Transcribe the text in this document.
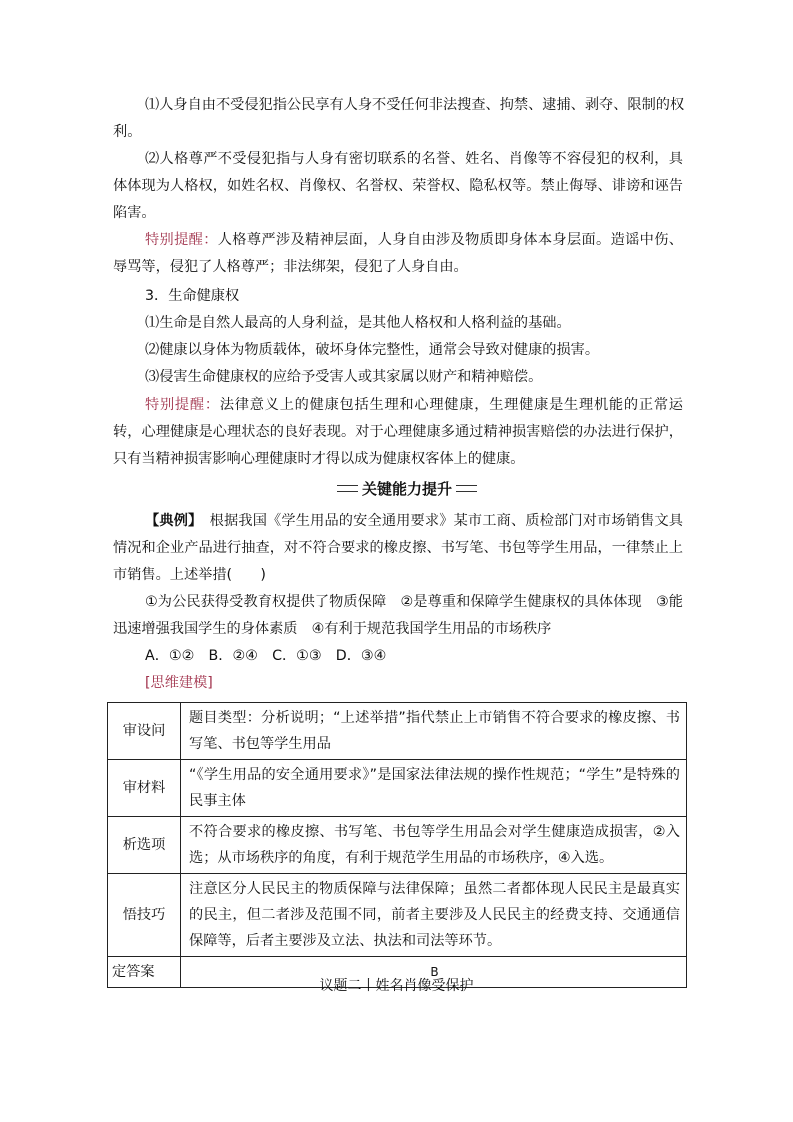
⑴人身自由不受侵犯指公民享有人身不受任何非法搜查、拘禁、逮捕、剥夺、限制的权
利。

⑵人格尊严不受侵犯指与人身有密切联系的名誉、姓名、肖像等不容侵犯的权利，具体体现为人格权，如姓名权、肖像权、名誉权、荣誉权、隐私权等。禁止侮辱、诽谤和诬告陷害。

特别提醒：人格尊严涉及精神层面，人身自由涉及物质即身体本身层面。造谣中伤、辱骂等，侵犯了人格尊严；非法绑架，侵犯了人身自由。

3．生命健康权
⑴生命是自然人最高的人身利益，是其他人格权和人格利益的基础。
⑵健康以身体为物质载体，破坏身体完整性，通常会导致对健康的损害。
⑶侵害生命健康权的应给予受害人或其家属以财产和精神赔偿。

特别提醒：法律意义上的健康包括生理和心理健康，生理健康是生理机能的正常运转，心理健康是心理状态的良好表现。对于心理健康多通过精神损害赔偿的办法进行保护，只有当精神损害影响心理健康时才得以成为健康权客体上的健康。

关键能力提升

【典例】　 根据我国《学生用品的安全通用要求》某市工商、质检部门对市场销售文具情况和企业产品进行抽查，对不符合要求的橡皮擦、书写笔、书包等学生用品，一律禁止上市销售。上述举措(　　)

①为公民获得受教育权提供了物质保障　②是尊重和保障学生健康权的具体体现　③能迅速增强我国学生的身体素质　④有利于规范我国学生用品的市场秩序

A．①②　B．②④　C．①③　D．③④
[思维建模]
审设问	题目类型：分析说明；“上述举措”指代禁止上市销售不符合要求的橡皮擦、书写笔、书包等学生用品
审材料	“《学生用品的安全通用要求》”是国家法律法规的操作性规范；“学生”是特殊的民事主体
析选项	不符合要求的橡皮擦、书写笔、书包等学生用品会对学生健康造成损害，②入选；从市场秩序的角度，有利于规范学生用品的市场秩序，④入选。
悟技巧	注意区分人民民主的物质保障与法律保障；虽然二者都体现人民民主是最真实的民主，但二者涉及范围不同，前者主要涉及人民民主的经费支持、交通通信保障等，后者主要涉及立法、执法和司法等环节。
定答案	B
议题二丨姓名肖像受保护
